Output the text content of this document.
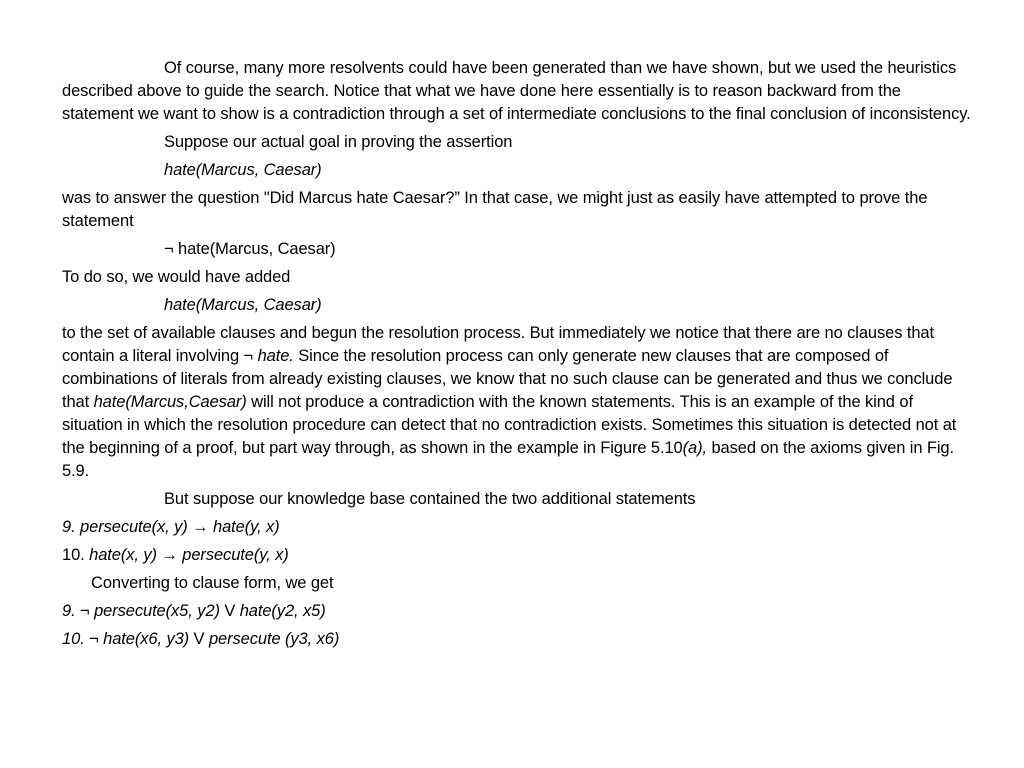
Of course, many more resolvents could have been generated than we have shown, but we used the heuristics described above to guide the search. Notice that what we have done here essentially is to reason backward from the statement we want to show is a contradiction through a set of intermediate conclusions to the final conclusion of inconsistency.

Suppose our actual goal in proving the assertion

hate(Marcus, Caesar)

was to answer the question "Did Marcus hate Caesar?” In that case, we might just as easily have attempted to prove the statement

¬ hate(Marcus, Caesar)

To do so, we would have added

hate(Marcus, Caesar)

to the set of available clauses and begun the resolution process. But immediately we notice that there are no clauses that contain a literal involving ¬ hate. Since the resolution process can only generate new clauses that are composed of combinations of literals from already existing clauses, we know that no such clause can be generated and thus we conclude that hate(Marcus,Caesar) will not produce a contradiction with the known statements. This is an example of the kind of situation in which the resolution procedure can detect that no contradiction exists. Sometimes this situation is detected not at the beginning of a proof, but part way through, as shown in the example in Figure 5.10(a), based on the axioms given in Fig. 5.9.

But suppose our knowledge base contained the two additional statements

9. persecute(x, y) → hate(y, x)

10. hate(x, y) → persecute(y, x)

Converting to clause form, we get

9. ¬ persecute(x5, y2) V hate(y2, x5)

10. ¬ hate(x6, y3) V persecute (y3, x6)
